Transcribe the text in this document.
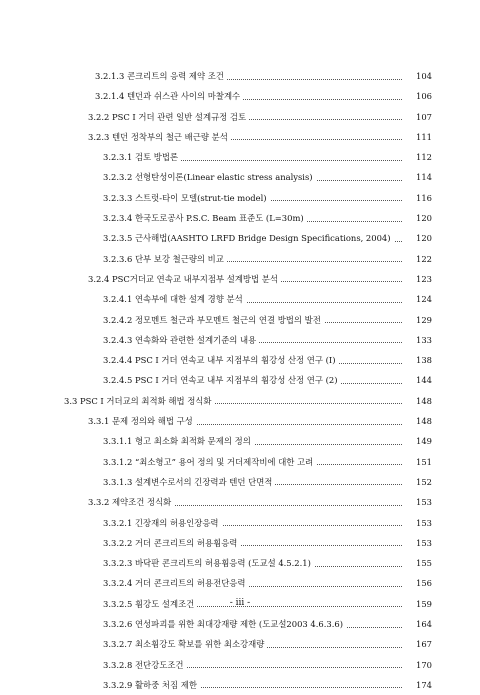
3.2.1.3 콘크리트의 응력 제약 조건	104
3.2.1.4 텐던과 쉬스관 사이의 마찰계수	106
3.2.2 PSC I 거더 관련 일반 설계규정 검토	107
3.2.3 텐던 정착부의 철근 배근량 분석	111
3.2.3.1 검토 방법론	112
3.2.3.2 선형탄성이론(Linear elastic stress analysis)	114
3.2.3.3 스트럿-타이 모델(strut-tie model)	116
3.2.3.4 한국도로공사 P.S.C. Beam 표준도 (L=30m)	120
3.2.3.5 근사해법(AASHTO LRFD Bridge Design Specifications, 2004)	120
3.2.3.6 단부 보강 철근량의 비교	122
3.2.4 PSC거더교 연속교 내부지점부 설계방법 분석	123
3.2.4.1 연속부에 대한 설계 경향 분석	124
3.2.4.2 정모멘트 철근과 부모멘트 철근의 연결 방법의 발전	129
3.2.4.3 연속화와 관련한 설계기준의 내용	133
3.2.4.4 PSC I 거더 연속교 내부 지점부의 휨강성 산정 연구 (I)	138
3.2.4.5 PSC I 거더 연속교 내부 지점부의 휨강성 산정 연구 (2)	144
3.3 PSC I 거더교의 최적화 해법 정식화	148
3.3.1 문제 정의와 해법 구성	148
3.3.1.1 형고 최소화 최적화 문제의 정의	149
3.3.1.2 “최소형고” 용어 정의 및 거더제작비에 대한 고려	151
3.3.1.3 설계변수로서의 긴장력과 텐던 단면적	152
3.3.2 제약조건 정식화	153
3.3.2.1 긴장재의 허용인장응력	153
3.3.2.2 거더 콘크리트의 허용휨응력	153
3.3.2.3 바닥판 콘크리트의 허용휨응력 (도교설 4.5.2.1)	155
3.3.2.4 거더 콘크리트의 허용전단응력	156
3.3.2.5 휨강도 설계조건	159
3.3.2.6 연성파괴를 위한 최대강재량 제한 (도교설2003 4.6.3.6)	164
3.3.2.7 최소휨강도 확보를 위한 최소강재량	167
3.3.2.8 전단강도조건	170
3.3.2.9 활하중 처짐 제한	174
- iii -
